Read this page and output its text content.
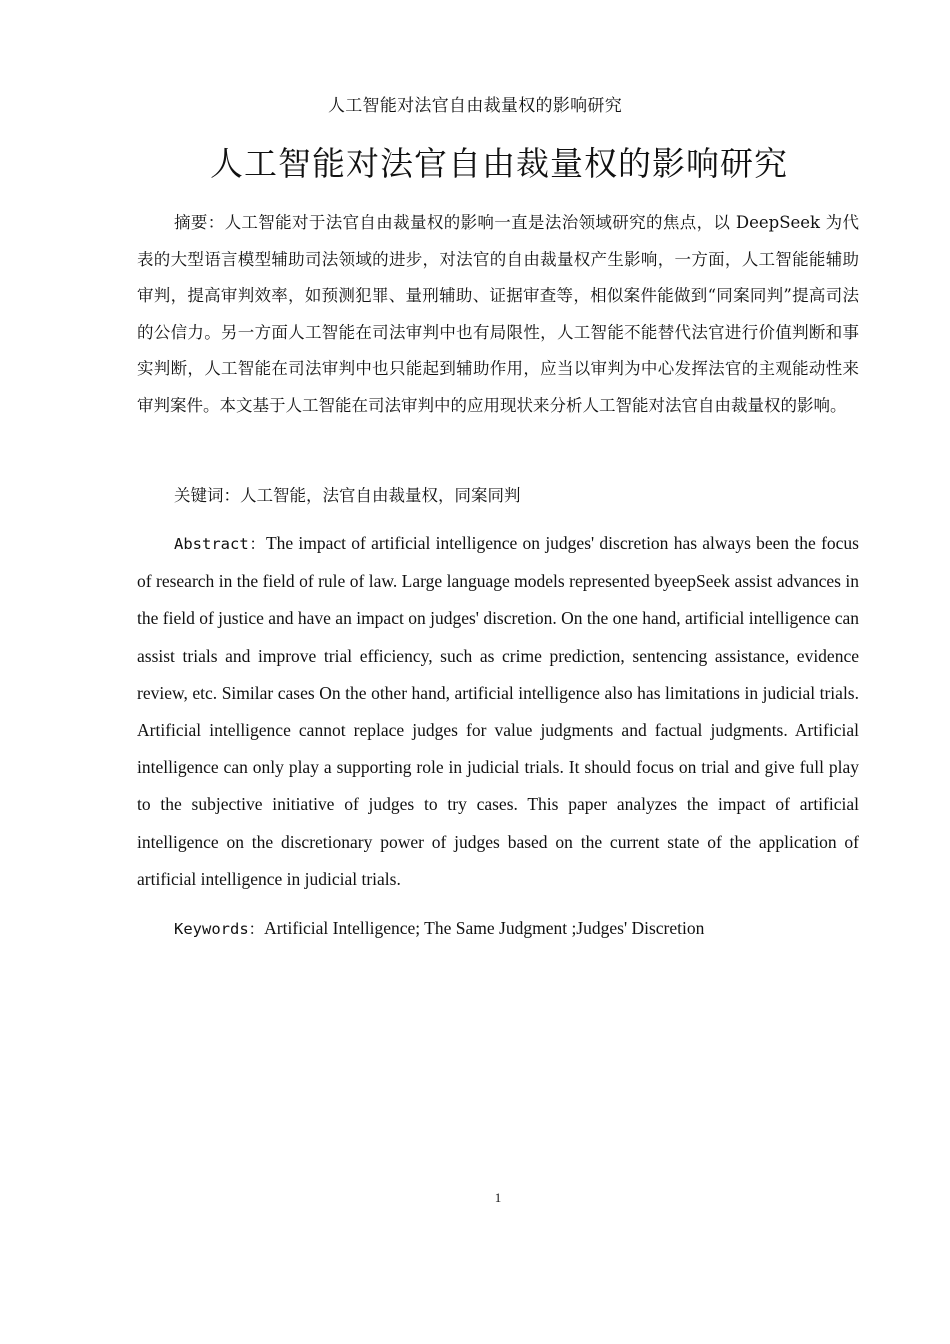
人工智能对法官自由裁量权的影响研究
人工智能对法官自由裁量权的影响研究

摘要：人工智能对于法官自由裁量权的影响一直是法治领域研究的焦点，以 DeepSeek 为代表的大型语言模型辅助司法领域的进步，对法官的自由裁量权产生影响，一方面，人工智能能辅助审判，提高审判效率，如预测犯罪、量刑辅助、证据审查等，相似案件能做到“同案同判”提高司法的公信力。另一方面人工智能在司法审判中也有局限性，人工智能不能替代法官进行价值判断和事实判断，人工智能在司法审判中也只能起到辅助作用，应当以审判为中心发挥法官的主观能动性来审判案件。本文基于人工智能在司法审判中的应用现状来分析人工智能对法官自由裁量权的影响。

关键词：人工智能，法官自由裁量权，同案同判

Abstract：The impact of artificial intelligence on judges' discretion has always been the focus of research in the field of rule of law. Large language models represented byeepSeek assist advances in the field of justice and have an impact on judges' discretion. On the one hand, artificial intelligence can assist trials and improve trial efficiency, such as crime prediction, sentencing assistance, evidence review, etc. Similar cases On the other hand, artificial intelligence also has limitations in judicial trials. Artificial intelligence cannot replace judges for value judgments and factual judgments. Artificial intelligence can only play a supporting role in judicial trials. It should focus on trial and give full play to the subjective initiative of judges to try cases. This paper analyzes the impact of artificial intelligence on the discretionary power of judges based on the current state of the application of artificial intelligence in judicial trials.

Keywords：Artificial Intelligence; The Same Judgment ;Judges' Discretion

1
